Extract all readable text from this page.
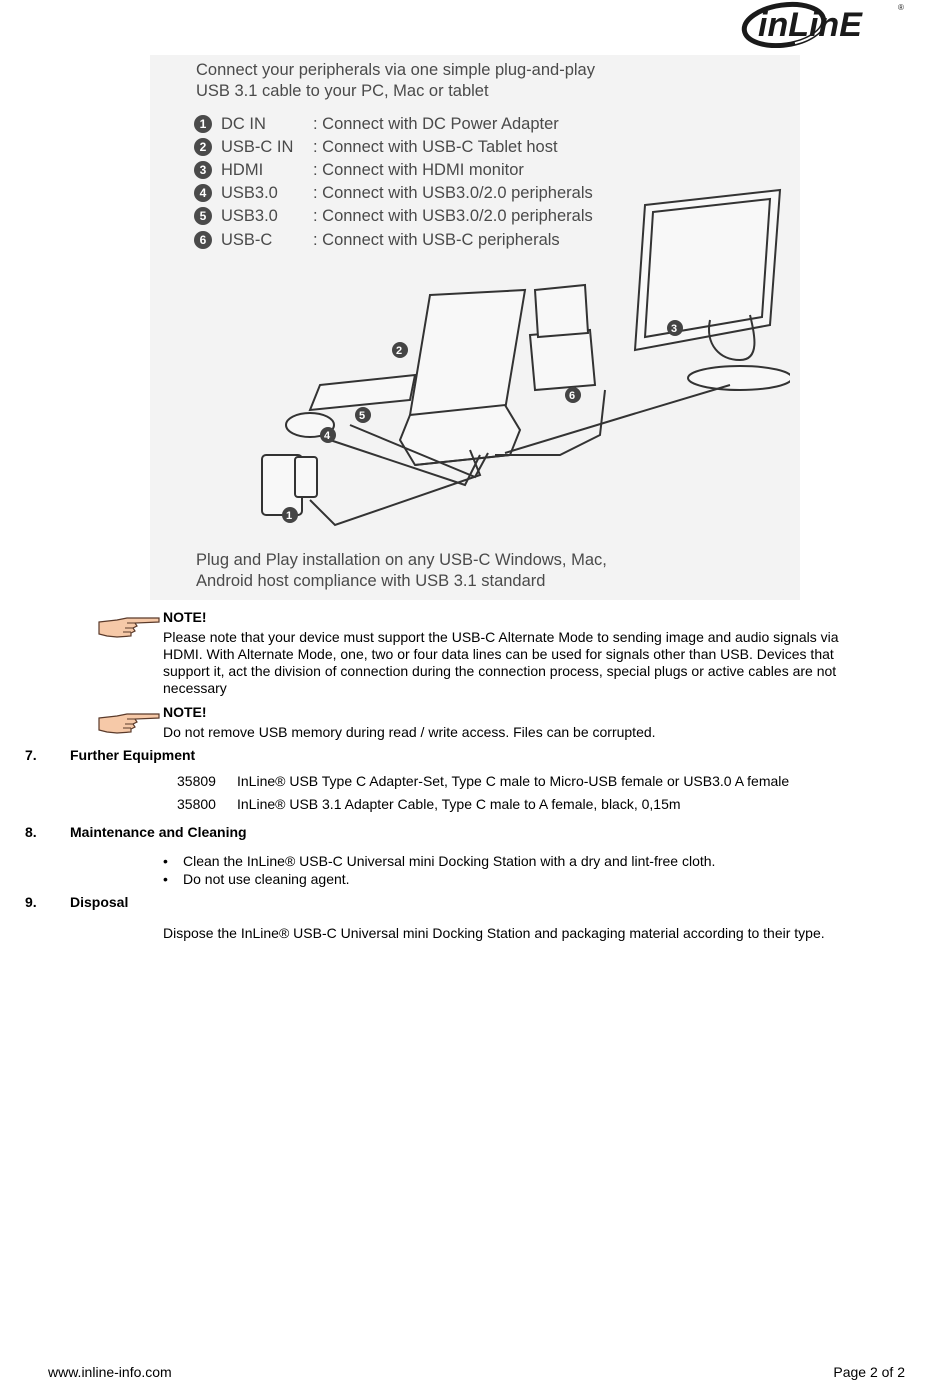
inLinE	®
Connect your peripherals via one simple plug-and-play
USB 3.1 cable to your PC, Mac or tablet
1 DC IN	: Connect with DC Power Adapter
2 USB-C IN	: Connect with USB-C Tablet host
3 HDMI	: Connect with HDMI monitor
4 USB3.0	: Connect with USB3.0/2.0 peripherals
5 USB3.0	: Connect with USB3.0/2.0 peripherals
6 USB-C	: Connect with USB-C peripherals
1
2
3
4
5
6
Plug and Play installation on any USB-C Windows, Mac,
Android host compliance with USB 3.1 standard
NOTE!
Please note that your device must support the USB-C Alternate Mode to sending image and audio signals via HDMI. With Alternate Mode, one, two or four data lines can be used for signals other than USB. Devices that support it, act the division of connection during the connection process, special plugs or active cables are not necessary
NOTE!
Do not remove USB memory during read / write access. Files can be corrupted.
7. Further Equipment
35809	InLine® USB Type C Adapter-Set, Type C male to Micro-USB female or USB3.0 A female
35800	InLine® USB 3.1 Adapter Cable, Type C male to A female, black, 0,15m
8. Maintenance and Cleaning
•	Clean the InLine® USB-C Universal mini Docking Station with a dry and lint-free cloth.
•	Do not use cleaning agent.
9. Disposal
Dispose the InLine® USB-C Universal mini Docking Station and packaging material according to their type.
www.inline-info.com	Page 2 of 2
